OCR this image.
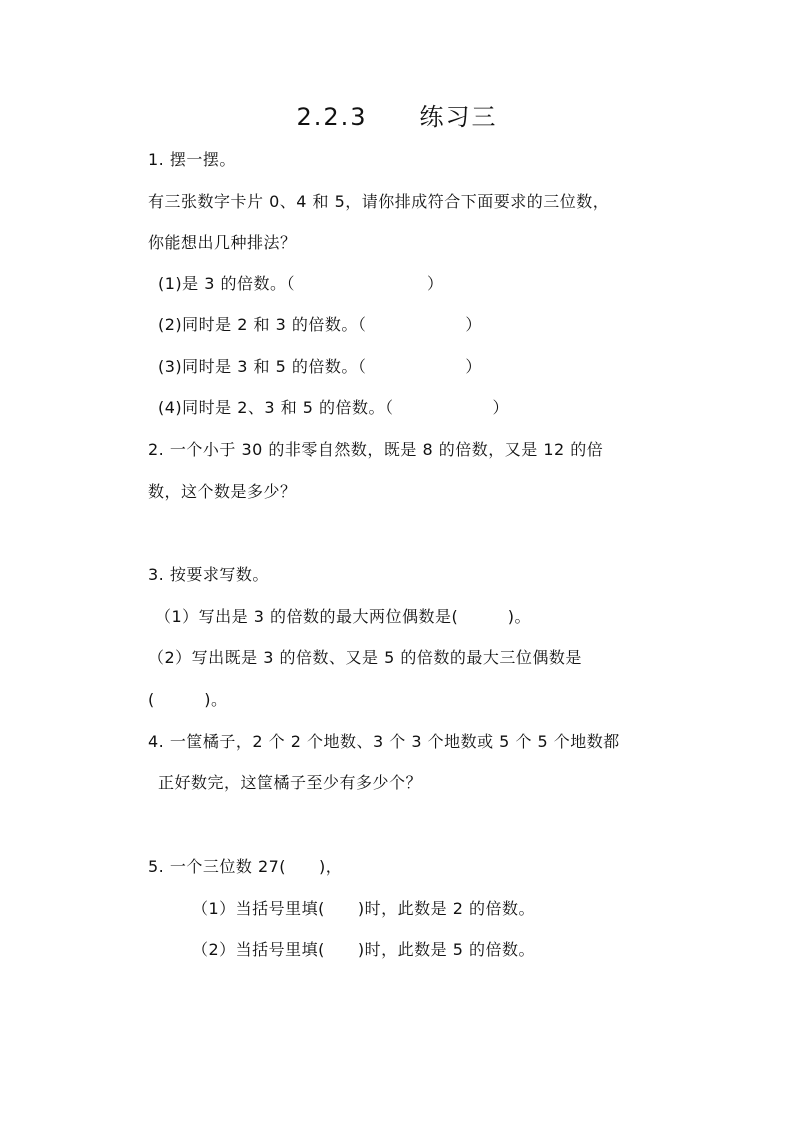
2.2.3　　练习三
1. 摆一摆。
有三张数字卡片 0、4 和 5，请你排成符合下面要求的三位数，
你能想出几种排法？
(1)是 3 的倍数。（　　　　　　　　）
(2)同时是 2 和 3 的倍数。（　　　　　　）
(3)同时是 3 和 5 的倍数。（　　　　　　）
(4)同时是 2、3 和 5 的倍数。（　　　　　　）
2. 一个小于 30 的非零自然数，既是 8 的倍数，又是 12 的倍
数，这个数是多少？
3. 按要求写数。
（1）写出是 3 的倍数的最大两位偶数是(　　　)。
（2）写出既是 3 的倍数、又是 5 的倍数的最大三位偶数是
(　　　)。
4. 一筐橘子，2 个 2 个地数、3 个 3 个地数或 5 个 5 个地数都
正好数完，这筐橘子至少有多少个？
5. 一个三位数 27(　　)，
（1）当括号里填(　　)时，此数是 2 的倍数。
（2）当括号里填(　　)时，此数是 5 的倍数。
